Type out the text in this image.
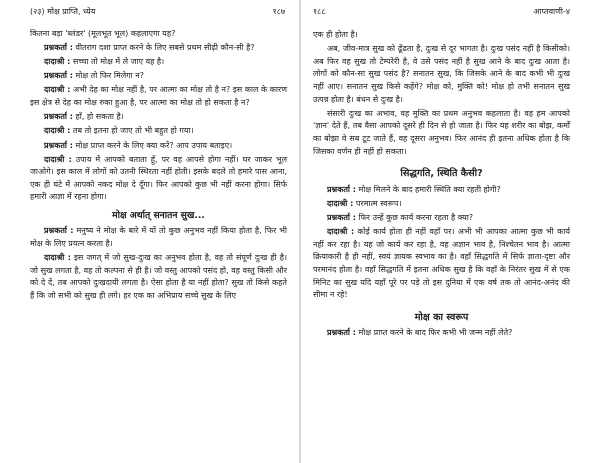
(२३) मोक्ष प्राप्ति, ध्येय	१८७

कितना बड़ा 'ब्लंडर' (मूलभूत भूल) कहलाएगा यह?

प्रश्नकर्ता : वीतराग दशा प्राप्त करने के लिए सबसे प्रथम सीढ़ी कौन-सी है?

दादाश्री : सच्चा तो मोक्ष में ले जाए वह है।

प्रश्नकर्ता : मोक्ष तो फिर मिलेगा न?

दादाश्री : अभी देह का मोक्ष नहीं है, पर आत्मा का मोक्ष तो है न? इस काल के कारण इस क्षेत्र से देह का मोक्ष रुका हुआ है, पर आत्मा का मोक्ष तो हो सकता है न?

प्रश्नकर्ता : हाँ, हो सकता है।

दादाश्री : तब तो इतना हो जाए तो भी बहुत हो गया।

प्रश्नकर्ता : मोक्ष प्राप्त करने के लिए क्या करें? आप उपाय बताइए।

दादाश्री : उपाय में आपको बताता हूँ, पर वह आपसे होगा नहीं। घर जाकर भूल जाओगे। इस काल में लोगों को उतनी स्थिरता नहीं होती। इसके बदले तो हमारे पास आना, एक ही घंटे में आपको नकद मोक्ष दे दूँगा। फिर आपको कुछ भी नहीं करना होगा। सिर्फ हमारी आज्ञा में रहना होगा।

मोक्ष अर्थात् सनातन सुख...

प्रश्नकर्ता : मनुष्य ने मोक्ष के बारे में यों तो कुछ अनुभव नहीं किया होता है, फिर भी मोक्ष के लिए प्रयत्न करता है।

दादाश्री : इस जगत् में जो सुख-दुःख का अनुभव होता है, वह तो संपूर्ण दुःख ही है। जो सुख लगता है, वह तो कल्पना से ही है। जो वस्तु आपको पसंद हो, वह वस्तु किसी और को दे दें, तब आपको दुःखदायी लगता है। ऐसा होता है या नहीं होता? सुख तो किसे कहते हैं कि जो सभी को सुख ही लगे। हर एक का अभिप्राय सच्चे सुख के लिए

१८८	आप्तवाणी-४

एक ही होता है।

अब, जीव-मात्र सुख को ढूँढता है, दुःख से दूर भागता है। दुःख पसंद नहीं है किसीको। अब फिर वह सुख तो टेम्परेरी है, वे उसे पसंद नहीं है सुख आने के बाद दुःख आता है। लोगों को कौन-सा सुख पसंद है? सनातन सुख, कि जिसके आने के बाद कभी भी दुःख नहीं आए। सनातन सुख किसे कहेंगे? मोक्ष को, मुक्ति को! मोक्ष हो तभी सनातन सुख उत्पन्न होता है। बंधन से दुःख है।

संसारी दुःख का अभाव, वह मुक्ति का प्रथम अनुभव कहलाता है। वह हम आपको 'ज्ञान' देते हैं, तब वैसा आपको दूसरे ही दिन से हो जाता है। फिर यह शरीर का बोझ, कर्मों का बोझा वे सब टूट जाते हैं, वह दूसरा अनुभव। फिर आनंद ही इतना अधिक होता है कि जिसका वर्णन ही नहीं हो सकता।

सिद्धगति, स्थिति कैसी?

प्रश्नकर्ता : मोक्ष मिलने के बाद हमारी स्थिति क्या रहती होगी?

दादाश्री : परमात्म स्वरूप।

प्रश्नकर्ता : फिर उन्हें कुछ कार्य करना रहता है क्या?

दादाश्री : कोई कार्य होता ही नहीं वहाँ पर। अभी भी आपका आत्मा कुछ भी कार्य नहीं कर रहा है। यह जो कार्य कर रहा है, वह अज्ञान भाव है, निश्चेतन भाव है। आत्मा क्रियाकारी है ही नहीं, स्वयं ज्ञायक स्वभाव का है। वहाँ सिद्धगति में सिर्फ ज्ञाता-दृष्टा और परमानंद होता है। वहाँ सिद्धगति में इतना अधिक सुख है कि वहाँ के निरंतर सुख में से एक मिनिट का सुख यदि यहाँ पूरे पर पड़े तो इस दुनिया में एक वर्ष तक तो आनंद-अनंद की सीमा न रहे!

मोक्ष का स्वरूप

प्रश्नकर्ता : मोक्ष प्राप्त करने के बाद फिर कभी भी जन्म नहीं लेते?
